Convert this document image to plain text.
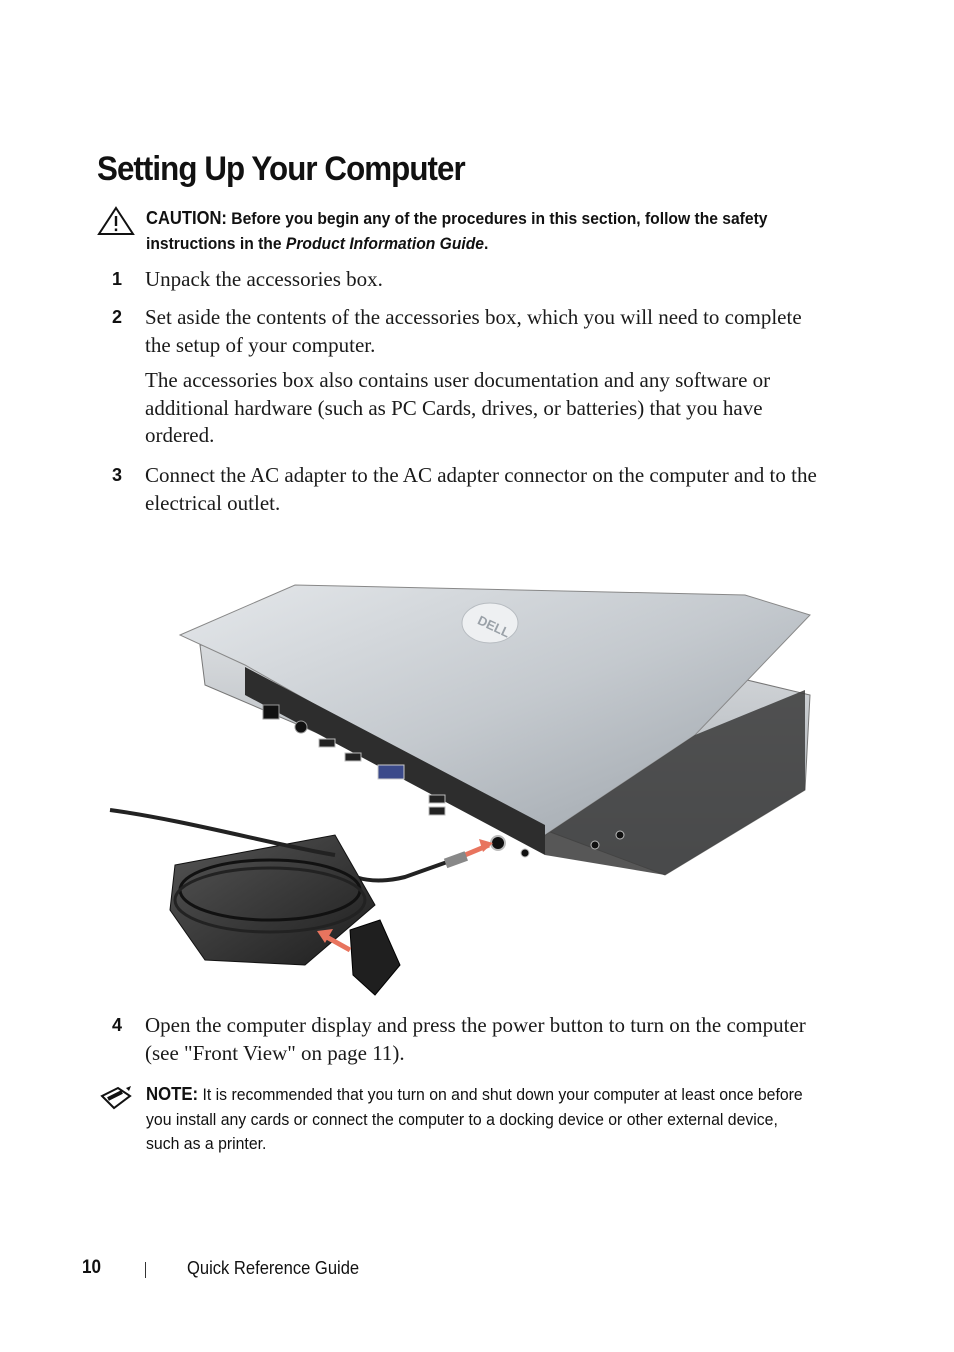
Setting Up Your Computer
CAUTION: Before you begin any of the procedures in this section, follow the safety instructions in the Product Information Guide.
1 Unpack the accessories box.
2 Set aside the contents of the accessories box, which you will need to complete the setup of your computer.
The accessories box also contains user documentation and any software or additional hardware (such as PC Cards, drives, or batteries) that you have ordered.
3 Connect the AC adapter to the AC adapter connector on the computer and to the electrical outlet.
DELL
4 Open the computer display and press the power button to turn on the computer (see "Front View" on page 11).
NOTE: It is recommended that you turn on and shut down your computer at least once before you install any cards or connect the computer to a docking device or other external device, such as a printer.
10	Quick Reference Guide
